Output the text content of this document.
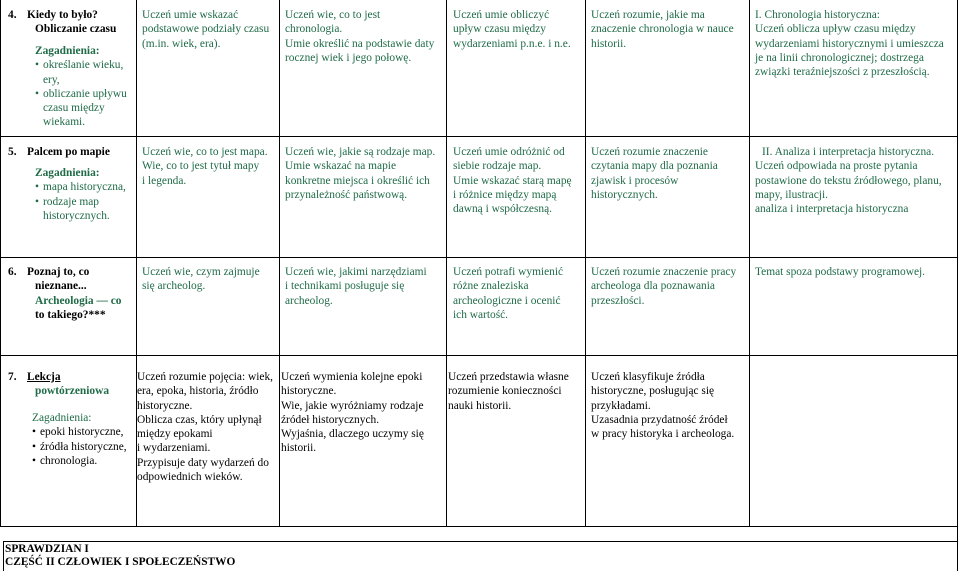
4. Kiedy to było?
Obliczanie czasu
Zagadnienia:
• określanie wieku, ery,
• obliczanie upływu czasu między wiekami.
Uczeń umie wskazać
podstawowe podziały czasu
(m.in. wiek, era).
Uczeń wie, co to jest
chronologia.
Umie określić na podstawie daty
rocznej wiek i jego połowę.
Uczeń umie obliczyć
upływ czasu między
wydarzeniami p.n.e. i n.e.
Uczeń rozumie, jakie ma
znaczenie chronologia w nauce
historii.
I. Chronologia historyczna:
Uczeń oblicza upływ czasu między
wydarzeniami historycznymi i umieszcza
je na linii chronologicznej; dostrzega
związki teraźniejszości z przeszłością.
5. Palcem po mapie
Zagadnienia:
• mapa historyczna,
• rodzaje map historycznych.
Uczeń wie, co to jest mapa.
Wie, co to jest tytuł mapy
i legenda.
Uczeń wie, jakie są rodzaje map.
Umie wskazać na mapie
konkretne miejsca i określić ich
przynależność państwową.
Uczeń umie odróżnić od
siebie rodzaje map.
Umie wskazać starą mapę
i różnice między mapą
dawną i współczesną.
Uczeń rozumie znaczenie
czytania mapy dla poznania
zjawisk i procesów
historycznych.
II. Analiza i interpretacja historyczna.
Uczeń odpowiada na proste pytania
postawione do tekstu źródłowego, planu,
mapy, ilustracji.
analiza i interpretacja historyczna
6. Poznaj to, co
nieznane...
Archeologia — co
to takiego?***
Uczeń wie, czym zajmuje
się archeolog.
Uczeń wie, jakimi narzędziami
i technikami posługuje się
archeolog.
Uczeń potrafi wymienić
różne znaleziska
archeologiczne i ocenić
ich wartość.
Uczeń rozumie znaczenie pracy
archeologa dla poznawania
przeszłości.
Temat spoza podstawy programowej.
7. Lekcja
powtórzeniowa
Zagadnienia:
• epoki historyczne,
• źródła historyczne,
• chronologia.
Uczeń rozumie pojęcia: wiek,
era, epoka, historia, źródło
historyczne.
Oblicza czas, który upłynął
między epokami
i wydarzeniami.
Przypisuje daty wydarzeń do
odpowiednich wieków.
Uczeń wymienia kolejne epoki
historyczne.
Wie, jakie wyróżniamy rodzaje
źródeł historycznych.
Wyjaśnia, dlaczego uczymy się
historii.
Uczeń przedstawia własne
rozumienie konieczności
nauki historii.
Uczeń klasyfikuje źródła
historyczne, posługując się
przykładami.
Uzasadnia przydatność źródeł
w pracy historyka i archeologa.
SPRAWDZIAN I
CZĘŚĆ II CZŁOWIEK I SPOŁECZEŃSTWO
